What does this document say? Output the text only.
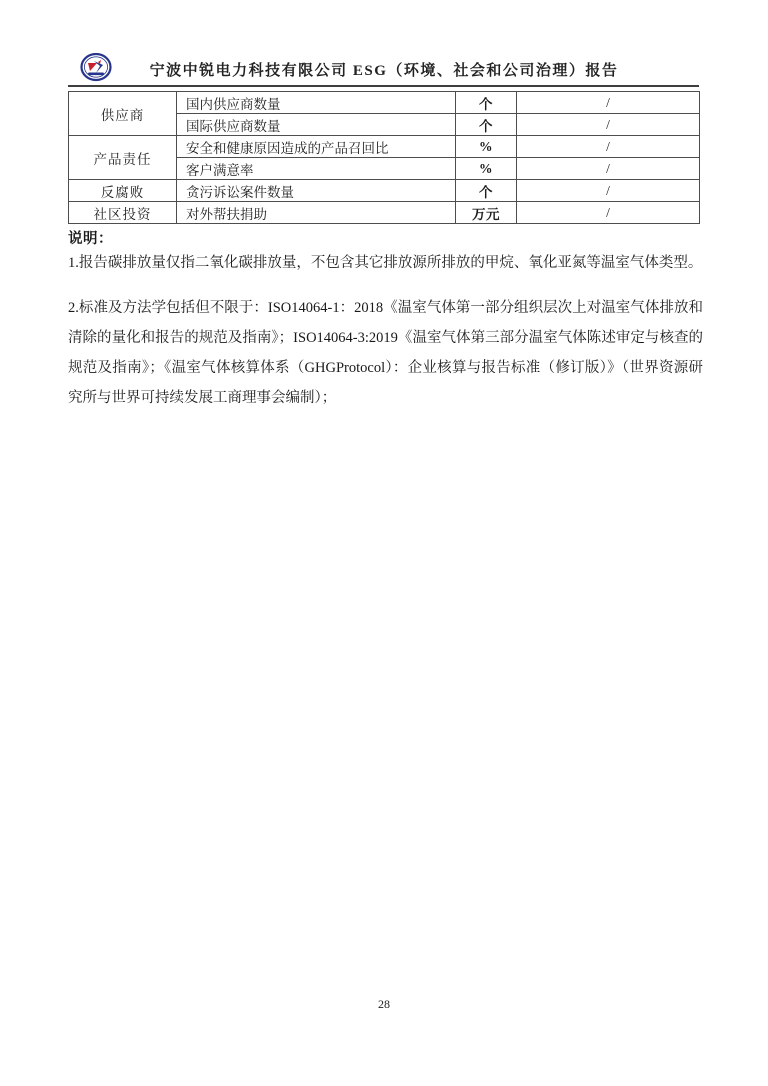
宁波中锐电力科技有限公司 ESG（环境、社会和公司治理）报告
供应商	国内供应商数量	个	/
	国际供应商数量	个	/
产品责任	安全和健康原因造成的产品召回比	%	/
	客户满意率	%	/
反腐败	贪污诉讼案件数量	个	/
社区投资	对外帮扶捐助	万元	/
说明：
1.报告碳排放量仅指二氧化碳排放量，不包含其它排放源所排放的甲烷、氧化亚氮等温室气体类型。
2.标准及方法学包括但不限于：ISO14064-1：2018《温室气体第一部分组织层次上对温室气体排放和清除的量化和报告的规范及指南》；ISO14064-3:2019《温室气体第三部分温室气体陈述审定与核查的规范及指南》；《温室气体核算体系（GHGProtocol）：企业核算与报告标准（修订版）》（世界资源研究所与世界可持续发展工商理事会编制）；
28
